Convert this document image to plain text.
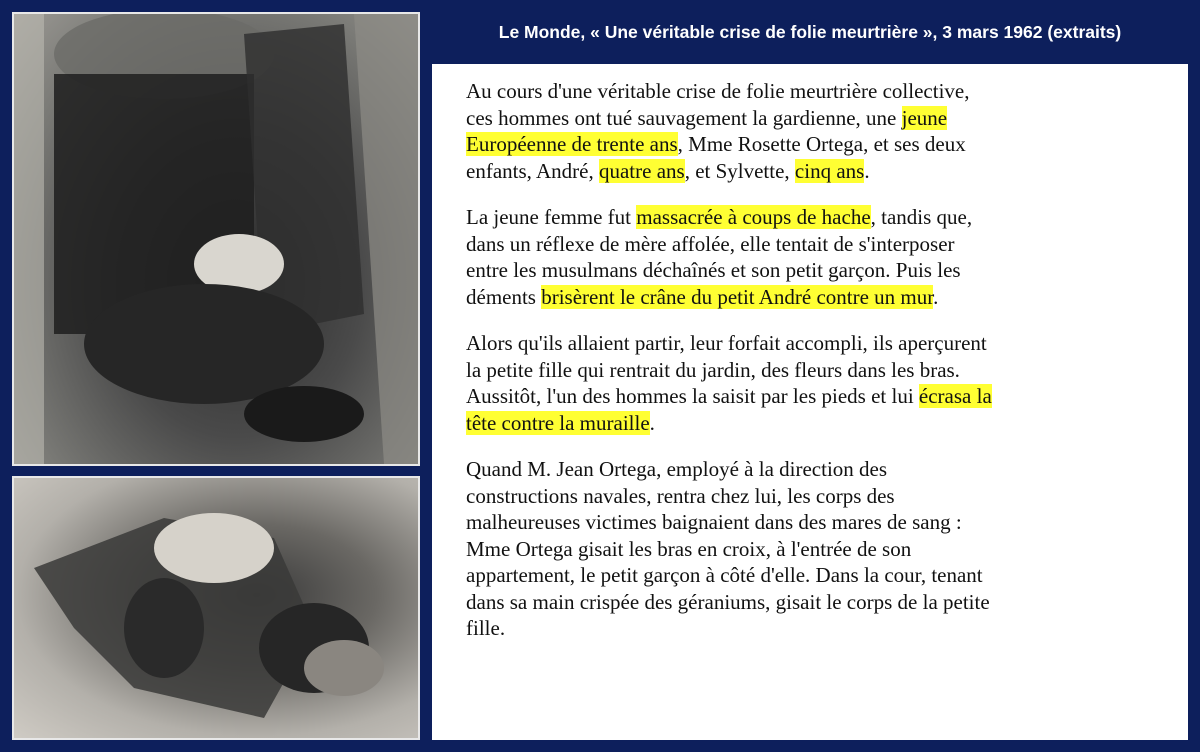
Le Monde, « Une véritable crise de folie meurtrière », 3 mars 1962 (extraits)

Au cours d'une véritable crise de folie meurtrière collective,
ces hommes ont tué sauvagement la gardienne, une jeune
Européenne de trente ans, Mme Rosette Ortega, et ses deux
enfants, André, quatre ans, et Sylvette, cinq ans.

La jeune femme fut massacrée à coups de hache, tandis que,
dans un réflexe de mère affolée, elle tentait de s'interposer
entre les musulmans déchaînés et son petit garçon. Puis les
déments brisèrent le crâne du petit André contre un mur.

Alors qu'ils allaient partir, leur forfait accompli, ils aperçurent
la petite fille qui rentrait du jardin, des fleurs dans les bras.
Aussitôt, l'un des hommes la saisit par les pieds et lui écrasa la
tête contre la muraille.

Quand M. Jean Ortega, employé à la direction des
constructions navales, rentra chez lui, les corps des
malheureuses victimes baignaient dans des mares de sang :
Mme Ortega gisait les bras en croix, à l'entrée de son
appartement, le petit garçon à côté d'elle. Dans la cour, tenant
dans sa main crispée des géraniums, gisait le corps de la petite
fille.
